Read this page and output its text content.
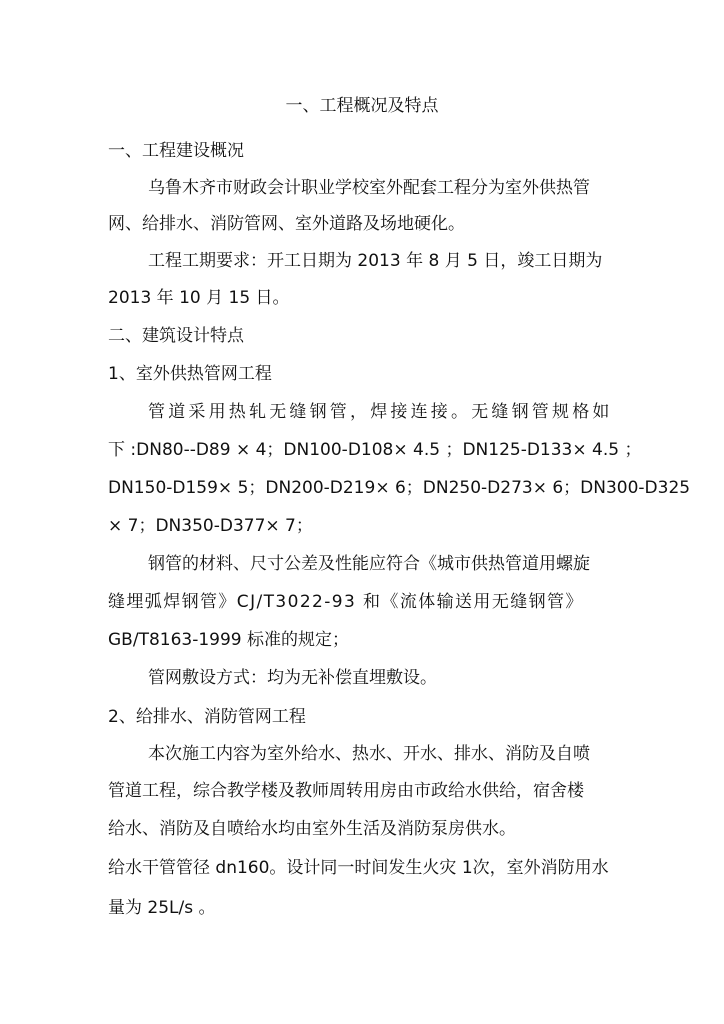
一、工程概况及特点
一、工程建设概况
乌鲁木齐市财政会计职业学校室外配套工程分为室外供热管
网、给排水、消防管网、室外道路及场地硬化。
工程工期要求：开工日期为 2013 年 8 月 5 日，竣工日期为
2013 年 10 月 15 日。
二、建筑设计特点
1、室外供热管网工程
管道采用热轧无缝钢管，焊接连接。无缝钢管规格如
下 :DN80--D89 × 4；DN100-D108× 4.5 ；DN125-D133× 4.5 ；
DN150-D159× 5；DN200-D219× 6；DN250-D273× 6；DN300-D325
× 7；DN350-D377× 7；
钢管的材料、尺寸公差及性能应符合《城市供热管道用螺旋
缝埋弧焊钢管》CJ/T3022-93 和《流体输送用无缝钢管》
GB/T8163-1999 标准的规定；
管网敷设方式：均为无补偿直埋敷设。
2、给排水、消防管网工程
本次施工内容为室外给水、热水、开水、排水、消防及自喷
管道工程，综合教学楼及教师周转用房由市政给水供给，宿舍楼
给水、消防及自喷给水均由室外生活及消防泵房供水。
给水干管管径 dn160。设计同一时间发生火灾 1次，室外消防用水
量为 25L/s 。
